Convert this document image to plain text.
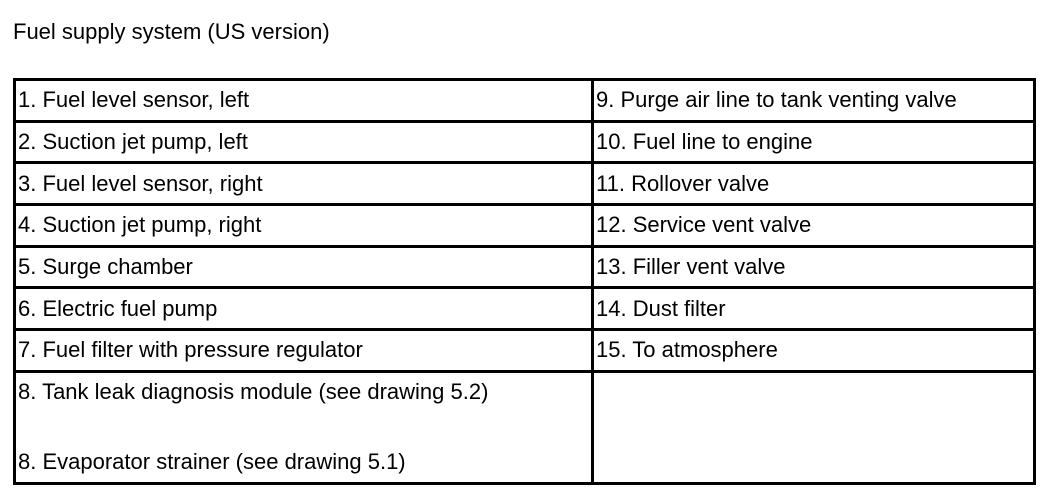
Fuel supply system (US version)
1. Fuel level sensor, left	9. Purge air line to tank venting valve
2. Suction jet pump, left	10. Fuel line to engine
3. Fuel level sensor, right	11. Rollover valve
4. Suction jet pump, right	12. Service vent valve
5. Surge chamber	13. Filler vent valve
6. Electric fuel pump	14. Dust filter
7. Fuel filter with pressure regulator	15. To atmosphere

8. Tank leak diagnosis module (see drawing 5.2)
8. Evaporator strainer (see drawing 5.1)	
